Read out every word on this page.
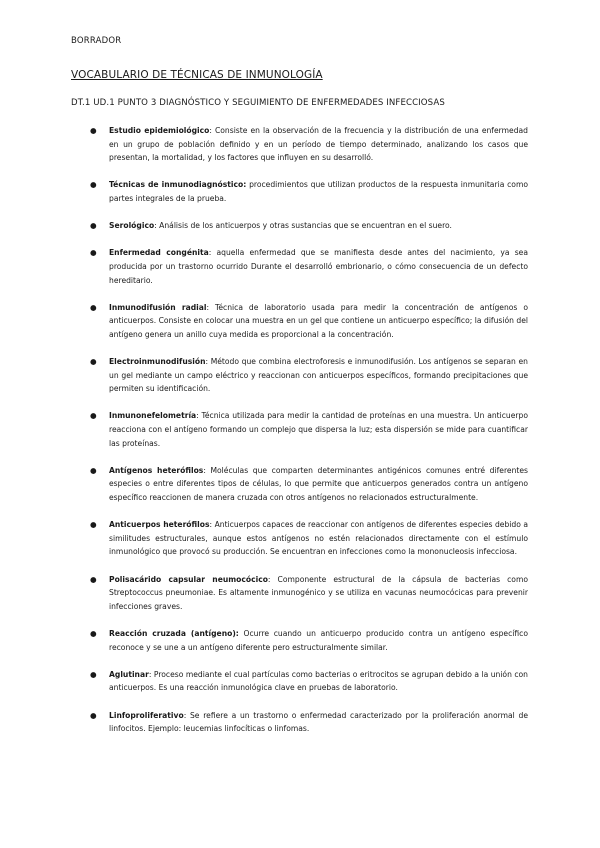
BORRADOR
VOCABULARIO DE TÉCNICAS DE INMUNOLOGÍA
DT.1 UD.1 PUNTO 3 DIAGNÓSTICO Y SEGUIMIENTO DE ENFERMEDADES INFECCIOSAS
● Estudio epidemiológico: Consiste en la observación de la frecuencia y la distribución de una enfermedad en un grupo de población definido y en un período de tiempo determinado, analizando los casos que presentan, la mortalidad, y los factores que influyen en su desarrolló.
● Técnicas de inmunodiagnóstico: procedimientos que utilizan productos de la respuesta inmunitaria como partes integrales de la prueba.
● Serológico: Análisis de los anticuerpos y otras sustancias que se encuentran en el suero.
● Enfermedad congénita: aquella enfermedad que se manifiesta desde antes del nacimiento, ya sea producida por un trastorno ocurrido Durante el desarrolló embrionario, o cómo consecuencia de un defecto hereditario.
● Inmunodifusión radial: Técnica de laboratorio usada para medir la concentración de antígenos o anticuerpos. Consiste en colocar una muestra en un gel que contiene un anticuerpo específico; la difusión del antígeno genera un anillo cuya medida es proporcional a la concentración.
● Electroinmunodifusión: Método que combina electroforesis e inmunodifusión. Los antígenos se separan en un gel mediante un campo eléctrico y reaccionan con anticuerpos específicos, formando precipitaciones que permiten su identificación.
● Inmunonefelometría: Técnica utilizada para medir la cantidad de proteínas en una muestra. Un anticuerpo reacciona con el antígeno formando un complejo que dispersa la luz; esta dispersión se mide para cuantificar las proteínas.
● Antígenos heterófilos: Moléculas que comparten determinantes antigénicos comunes entré diferentes especies o entre diferentes tipos de células, lo que permite que anticuerpos generados contra un antígeno específico reaccionen de manera cruzada con otros antígenos no relacionados estructuralmente.
● Anticuerpos heterófilos: Anticuerpos capaces de reaccionar con antígenos de diferentes especies debido a similitudes estructurales, aunque estos antígenos no estén relacionados directamente con el estímulo inmunológico que provocó su producción. Se encuentran en infecciones como la mononucleosis infecciosa.
● Polisacárido capsular neumocócico: Componente estructural de la cápsula de bacterias como Streptococcus pneumoniae. Es altamente inmunogénico y se utiliza en vacunas neumocócicas para prevenir infecciones graves.
● Reacción cruzada (antígeno): Ocurre cuando un anticuerpo producido contra un antígeno específico reconoce y se une a un antígeno diferente pero estructuralmente similar.
● Aglutinar: Proceso mediante el cual partículas como bacterias o eritrocitos se agrupan debido a la unión con anticuerpos. Es una reacción inmunológica clave en pruebas de laboratorio.
● Linfoproliferativo: Se refiere a un trastorno o enfermedad caracterizado por la proliferación anormal de linfocitos. Ejemplo: leucemias linfocíticas o linfomas.
